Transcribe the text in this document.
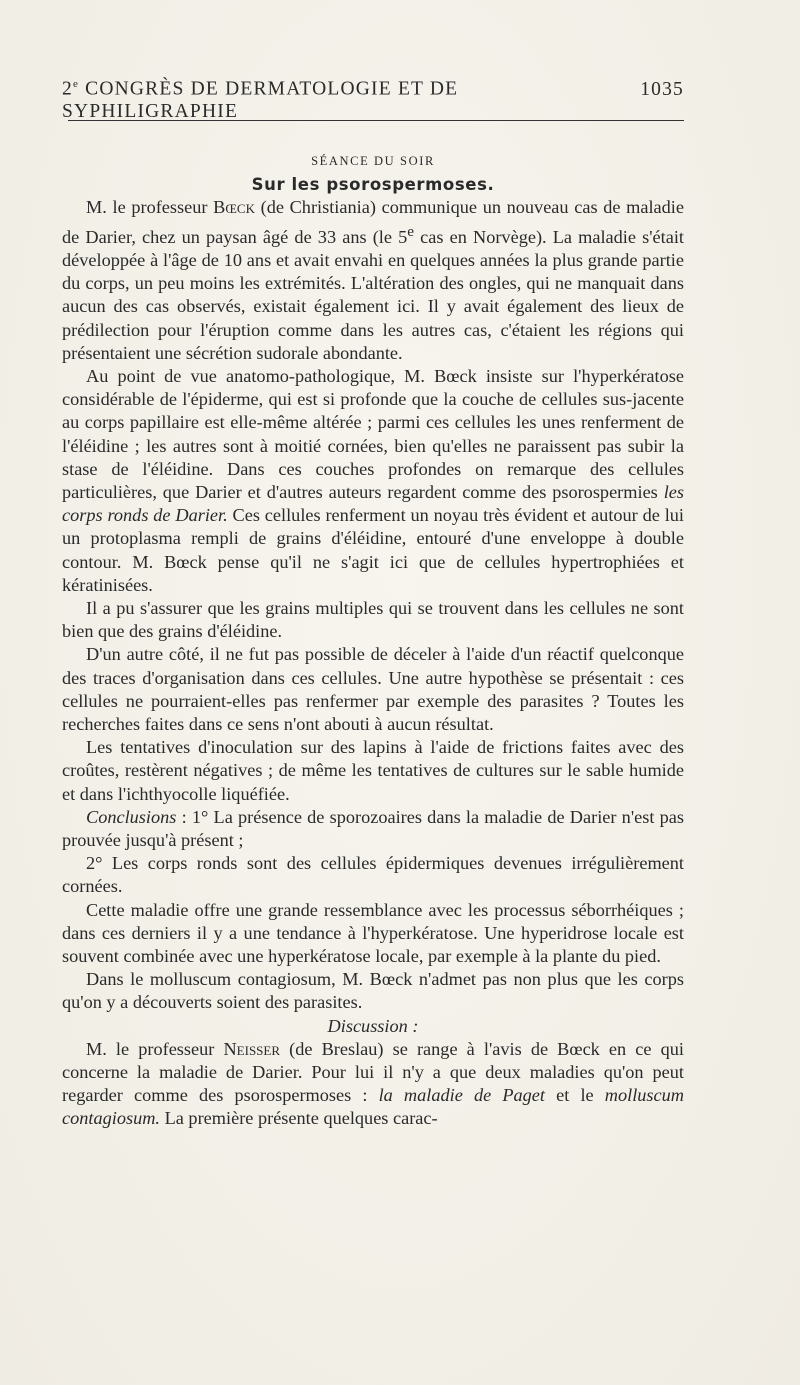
2e CONGRÈS DE DERMATOLOGIE ET DE SYPHILIGRAPHIE
1035

SÉANCE DU SOIR

Sur les psorospermoses.

M. le professeur Bœck (de Christiania) communique un nouveau cas de maladie de Darier, chez un paysan âgé de 33 ans (le 5e cas en Norvège). La maladie s'était développée à l'âge de 10 ans et avait envahi en quelques années la plus grande partie du corps, un peu moins les extrémités. L'altération des ongles, qui ne manquait dans aucun des cas observés, existait également ici. Il y avait également des lieux de prédilection pour l'éruption comme dans les autres cas, c'étaient les régions qui présentaient une sécrétion sudorale abondante.

Au point de vue anatomo-pathologique, M. Bœck insiste sur l'hyperkératose considérable de l'épiderme, qui est si profonde que la couche de cellules sus-jacente au corps papillaire est elle-même altérée ; parmi ces cellules les unes renferment de l'éléidine ; les autres sont à moitié cornées, bien qu'elles ne paraissent pas subir la stase de l'éléidine. Dans ces couches profondes on remarque des cellules particulières, que Darier et d'autres auteurs regardent comme des psorospermies les corps ronds de Darier. Ces cellules renferment un noyau très évident et autour de lui un protoplasma rempli de grains d'éléidine, entouré d'une enveloppe à double contour. M. Bœck pense qu'il ne s'agit ici que de cellules hypertrophiées et kératinisées.

Il a pu s'assurer que les grains multiples qui se trouvent dans les cellules ne sont bien que des grains d'éléidine.

D'un autre côté, il ne fut pas possible de déceler à l'aide d'un réactif quelconque des traces d'organisation dans ces cellules. Une autre hypothèse se présentait : ces cellules ne pourraient-elles pas renfermer par exemple des parasites ? Toutes les recherches faites dans ce sens n'ont abouti à aucun résultat.

Les tentatives d'inoculation sur des lapins à l'aide de frictions faites avec des croûtes, restèrent négatives ; de même les tentatives de cultures sur le sable humide et dans l'ichthyocolle liquéfiée.

Conclusions : 1° La présence de sporozoaires dans la maladie de Darier n'est pas prouvée jusqu'à présent ;

2° Les corps ronds sont des cellules épidermiques devenues irrégulièrement cornées.

Cette maladie offre une grande ressemblance avec les processus séborrhéiques ; dans ces derniers il y a une tendance à l'hyperkératose. Une hyperidrose locale est souvent combinée avec une hyperkératose locale, par exemple à la plante du pied.

Dans le molluscum contagiosum, M. Bœck n'admet pas non plus que les corps qu'on y a découverts soient des parasites.

Discussion :

M. le professeur Neisser (de Breslau) se range à l'avis de Bœck en ce qui concerne la maladie de Darier. Pour lui il n'y a que deux maladies qu'on peut regarder comme des psorospermoses : la maladie de Paget et le molluscum contagiosum. La première présente quelques carac-
